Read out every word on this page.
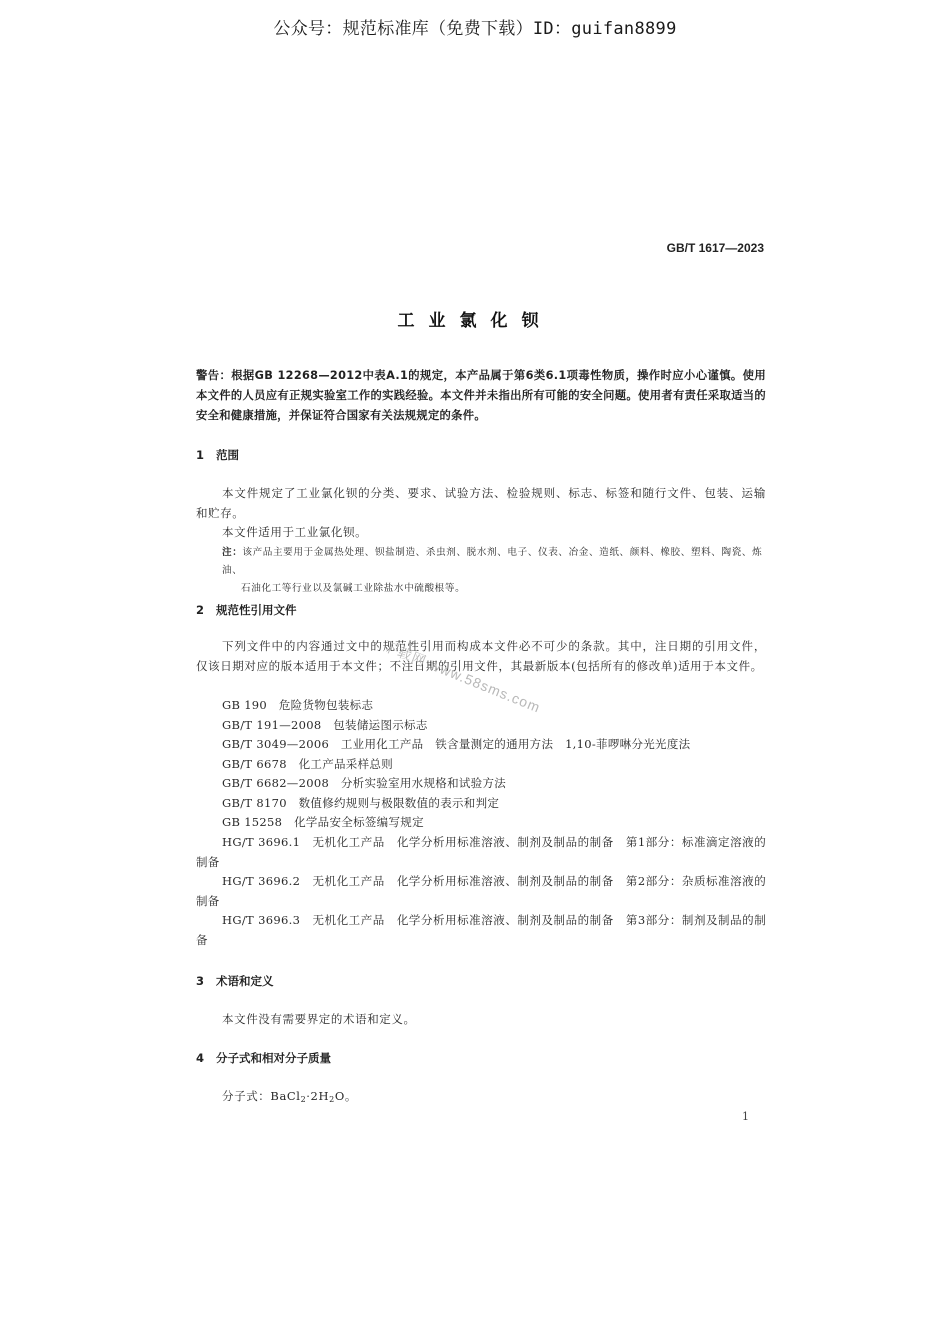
公众号：规范标准库（免费下载）ID：guifan8899
GB/T 1617—2023
工业氯化钡
警告：根据GB 12268—2012中表A.1的规定，本产品属于第6类6.1项毒性物质，操作时应小心谨慎。使用本文件的人员应有正规实验室工作的实践经验。本文件并未指出所有可能的安全问题。使用者有责任采取适当的安全和健康措施，并保证符合国家有关法规规定的条件。
1 范围
本文件规定了工业氯化钡的分类、要求、试验方法、检验规则、标志、标签和随行文件、包装、运输和贮存。
本文件适用于工业氯化钡。
注：该产品主要用于金属热处理、钡盐制造、杀虫剂、脱水剂、电子、仪表、冶金、造纸、颜料、橡胶、塑料、陶瓷、炼油、
石油化工等行业以及氯碱工业除盐水中硫酸根等。
2 规范性引用文件
下列文件中的内容通过文中的规范性引用而构成本文件必不可少的条款。其中，注日期的引用文件，仅该日期对应的版本适用于本文件；不注日期的引用文件，其最新版本(包括所有的修改单)适用于本文件。
GB 190　危险货物包装标志
GB/T 191—2008　包装储运图示标志
GB/T 3049—2006　工业用化工产品　铁含量测定的通用方法　1,10-菲啰啉分光光度法
GB/T 6678　化工产品采样总则
GB/T 6682—2008　分析实验室用水规格和试验方法
GB/T 8170　数值修约规则与极限数值的表示和判定
GB 15258　化学品安全标签编写规定
HG/T 3696.1　无机化工产品　化学分析用标准溶液、制剂及制品的制备　第1部分：标准滴定溶液的制备
HG/T 3696.2　无机化工产品　化学分析用标准溶液、制剂及制品的制备　第2部分：杂质标准溶液的制备
HG/T 3696.3　无机化工产品　化学分析用标准溶液、制剂及制品的制备　第3部分：制剂及制品的制备
下载网 www.58sms.com
3 术语和定义
本文件没有需要界定的术语和定义。
4 分子式和相对分子质量
分子式：$BaCl_2\cdot 2H_2O$。
1
